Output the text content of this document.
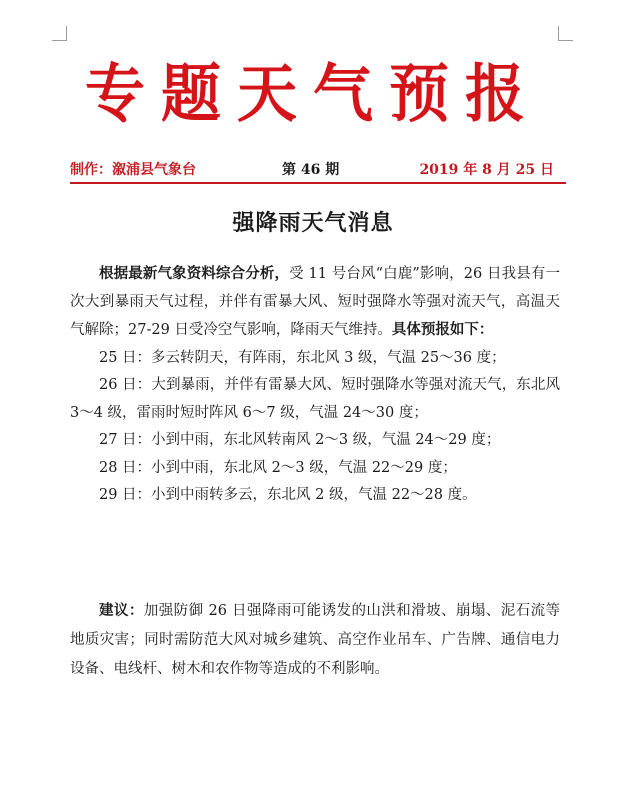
专题天气预报
制作：溆浦县气象台	第 46 期	2019 年 8 月 25 日
强降雨天气消息

根据最新气象资料综合分析，受 11 号台风“白鹿”影响，26 日我县有一次大到暴雨天气过程，并伴有雷暴大风、短时强降水等强对流天气，高温天气解除；27-29 日受冷空气影响，降雨天气维持。具体预报如下：

25 日：多云转阴天，有阵雨，东北风 3 级，气温 25～36 度；
26 日：大到暴雨，并伴有雷暴大风、短时强降水等强对流天气，东北风 3～4 级，雷雨时短时阵风 6～7 级，气温 24～30 度；
27 日：小到中雨，东北风转南风 2～3 级，气温 24～29 度；
28 日：小到中雨，东北风 2～3 级，气温 22～29 度；
29 日：小到中雨转多云，东北风 2 级，气温 22～28 度。

建议：加强防御 26 日强降雨可能诱发的山洪和滑坡、崩塌、泥石流等地质灾害；同时需防范大风对城乡建筑、高空作业吊车、广告牌、通信电力设备、电线杆、树木和农作物等造成的不利影响。
